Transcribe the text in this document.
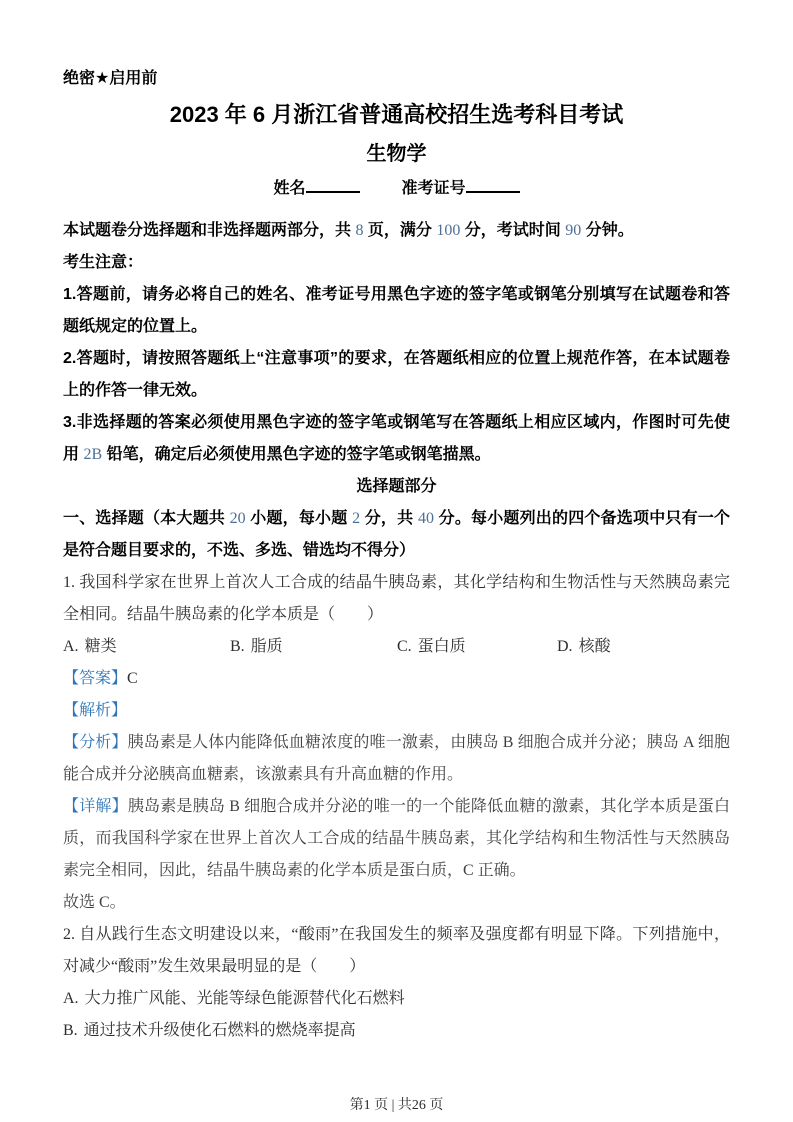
绝密★启用前

2023 年 6 月浙江省普通高校招生选考科目考试
生物学

姓名	准考证号

本试题卷分选择题和非选择题两部分，共 8 页，满分 100 分，考试时间 90 分钟。

考生注意：

1.答题前，请务必将自己的姓名、准考证号用黑色字迹的签字笔或钢笔分别填写在试题卷和答题纸规定的位置上。

2.答题时，请按照答题纸上“注意事项”的要求，在答题纸相应的位置上规范作答，在本试题卷上的作答一律无效。

3.非选择题的答案必须使用黑色字迹的签字笔或钢笔写在答题纸上相应区域内，作图时可先使用 2B 铅笔，确定后必须使用黑色字迹的签字笔或钢笔描黑。

选择题部分

一、选择题（本大题共 20 小题，每小题 2 分，共 40 分。每小题列出的四个备选项中只有一个是符合题目要求的，不选、多选、错选均不得分）

1. 我国科学家在世界上首次人工合成的结晶牛胰岛素，其化学结构和生物活性与天然胰岛素完全相同。结晶牛胰岛素的化学本质是（　　）

A. 糖类	B. 脂质	C. 蛋白质	D. 核酸

【答案】C

【解析】

【分析】胰岛素是人体内能降低血糖浓度的唯一激素，由胰岛 B 细胞合成并分泌；胰岛 A 细胞能合成并分泌胰高血糖素，该激素具有升高血糖的作用。

【详解】胰岛素是胰岛 B 细胞合成并分泌的唯一的一个能降低血糖的激素，其化学本质是蛋白质，而我国科学家在世界上首次人工合成的结晶牛胰岛素，其化学结构和生物活性与天然胰岛素完全相同，因此，结晶牛胰岛素的化学本质是蛋白质，C 正确。

故选 C。

2. 自从践行生态文明建设以来，“酸雨”在我国发生的频率及强度都有明显下降。下列措施中，对减少“酸雨”发生效果最明显的是（　　）

A. 大力推广风能、光能等绿色能源替代化石燃料

B. 通过技术升级使化石燃料的燃烧率提高

第1 页 | 共26 页
